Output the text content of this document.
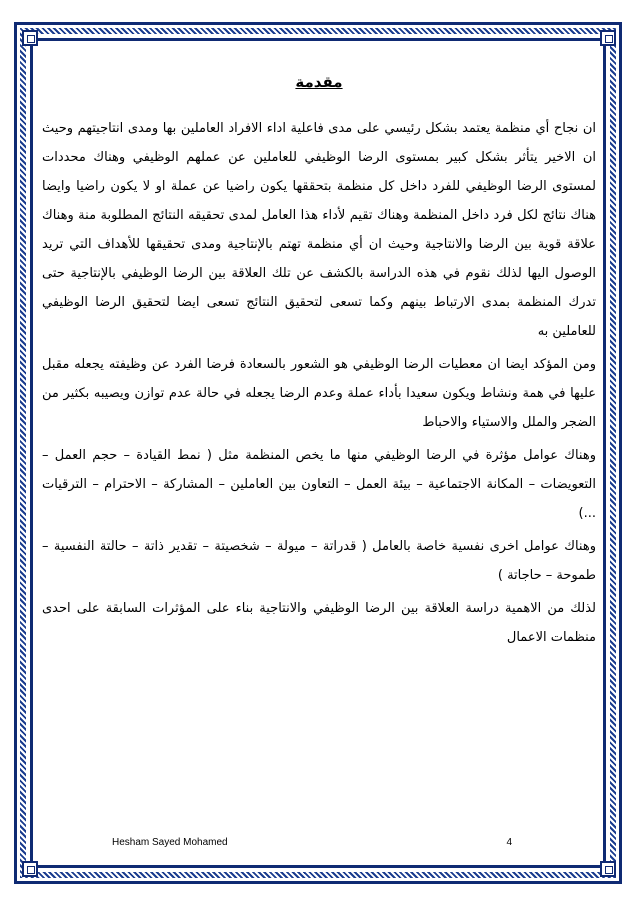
مقدمة

ان نجاح أي منظمة يعتمد بشكل رئيسي على مدى فاعلية اداء الافراد العاملين بها ومدى انتاجيتهم وحيث ان الاخير يتأثر بشكل كبير بمستوى الرضا الوظيفي للعاملين عن عملهم الوظيفي وهناك محددات لمستوى الرضا الوظيفي للفرد داخل كل منظمة بتحققها يكون راضيا عن عملة او لا يكون راضيا وايضا هناك نتائج لكل فرد داخل المنظمة وهناك تقيم لأداء هذا العامل لمدى تحقيقه النتائج المطلوبة منة وهناك علاقة قوية بين الرضا والانتاجية وحيث ان أي منظمة تهتم بالإنتاجية ومدى تحقيقها للأهداف التي تريد الوصول اليها لذلك نقوم في هذه الدراسة بالكشف عن تلك العلاقة بين الرضا الوظيفي بالإنتاجية حتى تدرك المنظمة بمدى الارتباط بينهم وكما تسعى لتحقيق النتائج تسعى ايضا لتحقيق الرضا الوظيفي للعاملين به

ومن المؤكد ايضا ان معطيات الرضا الوظيفي هو الشعور بالسعادة فرضا الفرد عن وظيفته يجعله مقبل عليها في همة ونشاط ويكون سعيدا بأداء عملة وعدم الرضا يجعله في حالة عدم توازن ويصيبه بكثير من الضجر والملل والاستياء والاحباط

وهناك عوامل مؤثرة في الرضا الوظيفي منها ما يخص المنظمة مثل ( نمط القيادة – حجم العمل – التعويضات – المكانة الاجتماعية – بيئة العمل – التعاون بين العاملين – المشاركة – الاحترام – الترقيات ...)

وهناك عوامل اخرى نفسية خاصة بالعامل ( قدراتة – ميولة – شخصيتة – تقدير ذاتة – حالتة النفسية – طموحة – حاجاتة )

لذلك من الاهمية دراسة العلاقة بين الرضا الوظيفي والانتاجية بناء على المؤثرات السابقة على احدى منظمات الاعمال

Hesham Sayed Mohamed	4
